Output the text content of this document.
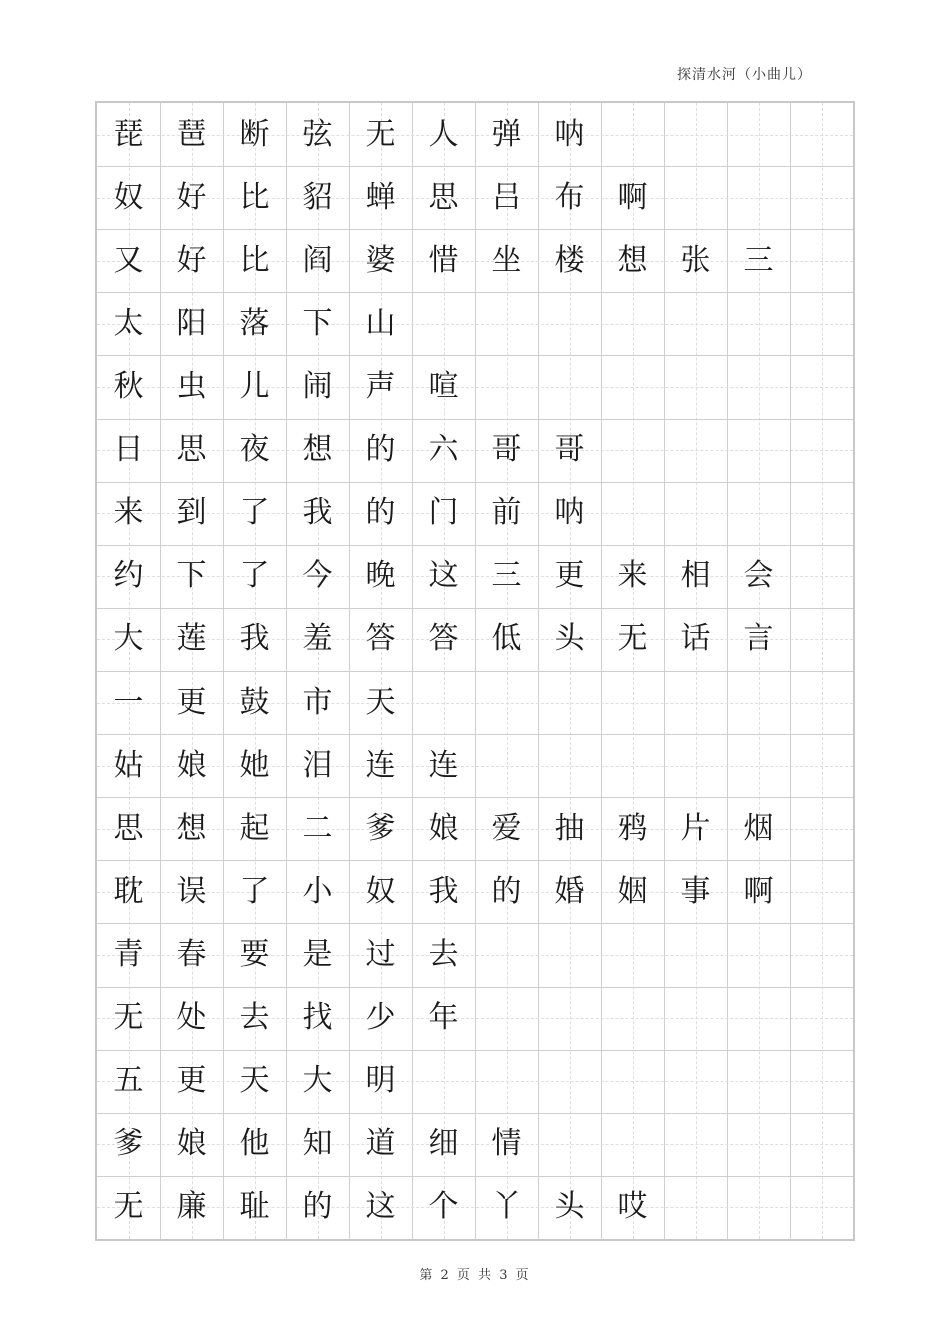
探清水河（小曲儿）
琵	琶	断	弦	无	人	弹	呐
奴	好	比	貂	蝉	思	吕	布	啊
又	好	比	阎	婆	惜	坐	楼	想	张	三
太	阳	落	下	山
秋	虫	儿	闹	声	喧
日	思	夜	想	的	六	哥	哥
来	到	了	我	的	门	前	呐
约	下	了	今	晚	这	三	更	来	相	会
大	莲	我	羞	答	答	低	头	无	话	言
一	更	鼓	市	天
姑	娘	她	泪	连	连
思	想	起	二	爹	娘	爱	抽	鸦	片	烟
耽	误	了	小	奴	我	的	婚	姻	事	啊
青	春	要	是	过	去
无	处	去	找	少	年
五	更	天	大	明
爹	娘	他	知	道	细	情
无	廉	耻	的	这	个	丫	头	哎
第 2 页 共 3 页
